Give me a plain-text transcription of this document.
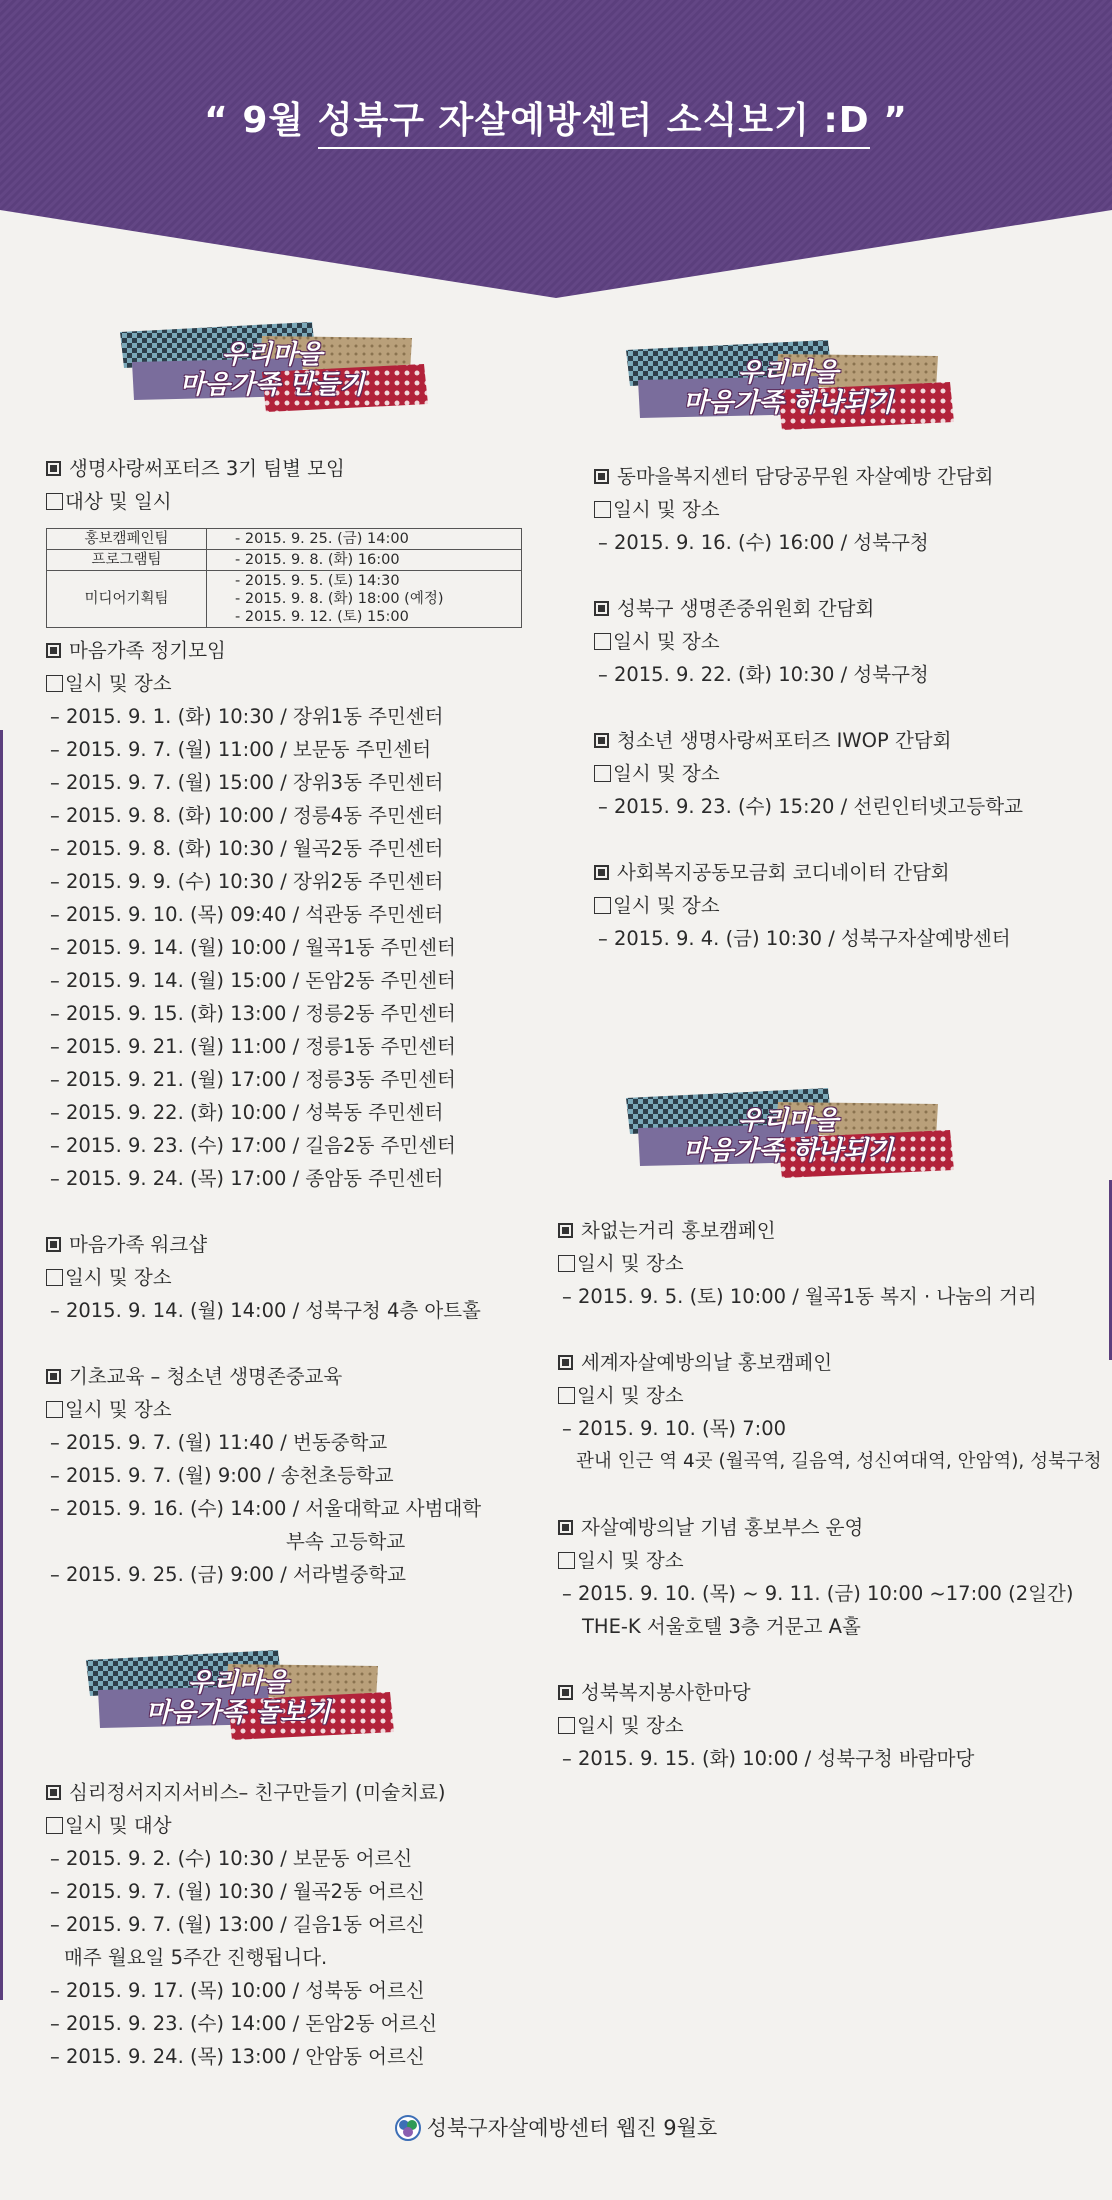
“ 9월 성북구 자살예방센터 소식보기 :D ”
우리마을
마음가족 만들기
생명사랑써포터즈 3기 팀별 모임
대상 및 일시
홍보캠페인팀	- 2015. 9. 25. (금) 14:00

프로그램팀	- 2015. 9. 8. (화) 16:00

미디어기획팀	- 2015. 9. 5. (토) 14:30
- 2015. 9. 8. (화) 18:00 (예정)
- 2015. 9. 12. (토) 15:00
마음가족 정기모임
일시 및 장소
– 2015. 9. 1. (화) 10:30 / 장위1동 주민센터
– 2015. 9. 7. (월) 11:00 / 보문동 주민센터
– 2015. 9. 7. (월) 15:00 / 장위3동 주민센터
– 2015. 9. 8. (화) 10:00 / 정릉4동 주민센터
– 2015. 9. 8. (화) 10:30 / 월곡2동 주민센터
– 2015. 9. 9. (수) 10:30 / 장위2동 주민센터
– 2015. 9. 10. (목) 09:40 / 석관동 주민센터
– 2015. 9. 14. (월) 10:00 / 월곡1동 주민센터
– 2015. 9. 14. (월) 15:00 / 돈암2동 주민센터
– 2015. 9. 15. (화) 13:00 / 정릉2동 주민센터
– 2015. 9. 21. (월) 11:00 / 정릉1동 주민센터
– 2015. 9. 21. (월) 17:00 / 정릉3동 주민센터
– 2015. 9. 22. (화) 10:00 / 성북동 주민센터
– 2015. 9. 23. (수) 17:00 / 길음2동 주민센터
– 2015. 9. 24. (목) 17:00 / 종암동 주민센터
마음가족 워크샵
일시 및 장소
– 2015. 9. 14. (월) 14:00 / 성북구청 4층 아트홀
기초교육 – 청소년 생명존중교육
일시 및 장소
– 2015. 9. 7. (월) 11:40 / 번동중학교
– 2015. 9. 7. (월) 9:00 / 송천초등학교
– 2015. 9. 16. (수) 14:00 / 서울대학교 사범대학
부속 고등학교
– 2015. 9. 25. (금) 9:00 / 서라벌중학교
우리마을
마음가족 돌보기
심리정서지지서비스– 친구만들기 (미술치료)
일시 및 대상
– 2015. 9. 2. (수) 10:30 / 보문동 어르신
– 2015. 9. 7. (월) 10:30 / 월곡2동 어르신
– 2015. 9. 7. (월) 13:00 / 길음1동 어르신
매주 월요일 5주간 진행됩니다.
– 2015. 9. 17. (목) 10:00 / 성북동 어르신
– 2015. 9. 23. (수) 14:00 / 돈암2동 어르신
– 2015. 9. 24. (목) 13:00 / 안암동 어르신
우리마을
마음가족 하나되기
동마을복지센터 담당공무원 자살예방 간담회
일시 및 장소
– 2015. 9. 16. (수) 16:00 / 성북구청
성북구 생명존중위원회 간담회
일시 및 장소
– 2015. 9. 22. (화) 10:30 / 성북구청
청소년 생명사랑써포터즈 IWOP 간담회
일시 및 장소
– 2015. 9. 23. (수) 15:20 / 선린인터넷고등학교
사회복지공동모금회 코디네이터 간담회
일시 및 장소
– 2015. 9. 4. (금) 10:30 / 성북구자살예방센터
우리마을
마음가족 하나되기
차없는거리 홍보캠페인
일시 및 장소
– 2015. 9. 5. (토) 10:00 / 월곡1동 복지 · 나눔의 거리
세계자살예방의날 홍보캠페인
일시 및 장소
– 2015. 9. 10. (목) 7:00
관내 인근 역 4곳 (월곡역, 길음역, 성신여대역, 안암역), 성북구청
자살예방의날 기념 홍보부스 운영
일시 및 장소
– 2015. 9. 10. (목) ~ 9. 11. (금) 10:00 ~17:00 (2일간)
THE-K 서울호텔 3층 거문고 A홀
성북복지봉사한마당
일시 및 장소
– 2015. 9. 15. (화) 10:00 / 성북구청 바람마당
성북구자살예방센터 웹진 9월호
